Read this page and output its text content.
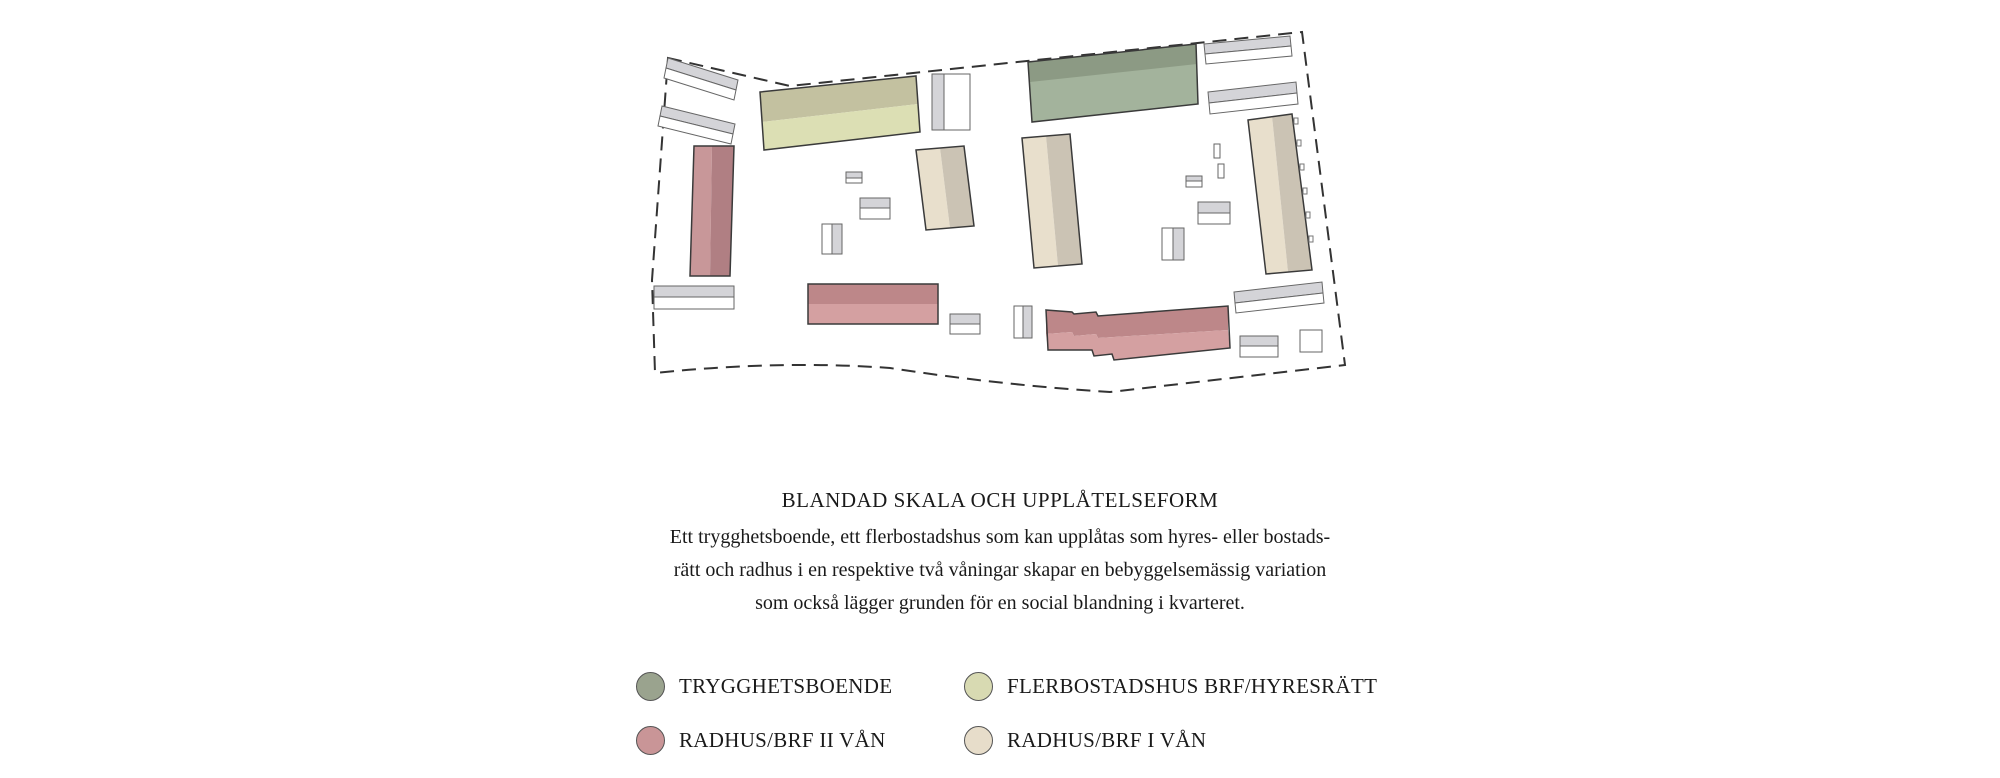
BLANDAD SKALA OCH UPPLÅTELSEFORM
Ett trygghetsboende, ett flerbostadshus som kan upplåtas som hyres- eller bostads-
rätt och radhus i en respektive två våningar skapar en bebyggelsemässig variation
som också lägger grunden för en social blandning i kvarteret.
TRYGGHETSBOENDE	FLERBOSTADSHUS BRF/HYRESRÄTT
RADHUS/BRF II VÅN	RADHUS/BRF I VÅN
